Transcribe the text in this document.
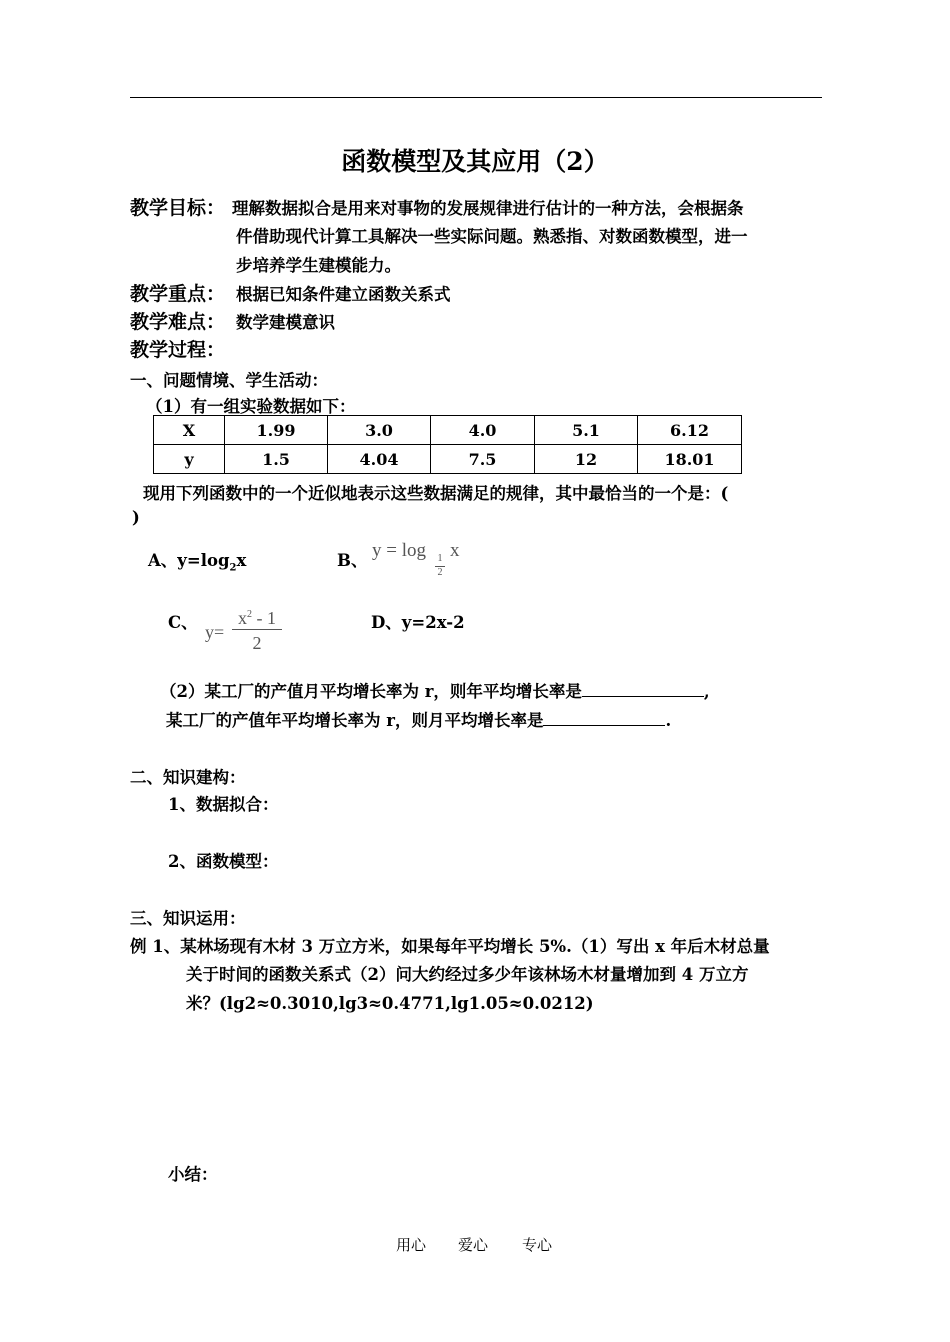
函数模型及其应用（2）
教学目标： 理解数据拟合是用来对事物的发展规律进行估计的一种方法，会根据条
件借助现代计算工具解决一些实际问题。熟悉指、对数函数模型，进一
步培养学生建模能力。
教学重点： 根据已知条件建立函数关系式
教学难点： 数学建模意识
教学过程：
一、问题情境、学生活动：
（1）有一组实验数据如下：
X	1.99	3.0	4.0	5.1	6.12
y	1.5	4.04	7.5	12	18.01
现用下列函数中的一个近似地表示这些数据满足的规律，其中最恰当的一个是：(
)
A、$y=\log_2x$	B、 y = log 1
2
x
C、 y=
$x^2 - 1$
2
D、y=2x-2
（2）某工厂的产值月平均增长率为 r，则年平均增长率是	,
某工厂的产值年平均增长率为 r，则月平均增长率是	.
二、知识建构：
1、数据拟合：
2、函数模型：
三、知识运用：
例 1、某林场现有木材 3 万立方米，如果每年平均增长 5%.（1）写出 x 年后木材总量
关于时间的函数关系式（2）问大约经过多少年该林场木材量增加到 4 万立方
米？(lg2≈0.3010,lg3≈0.4771,lg1.05≈0.0212)
小结：
用心 爱心 专心
